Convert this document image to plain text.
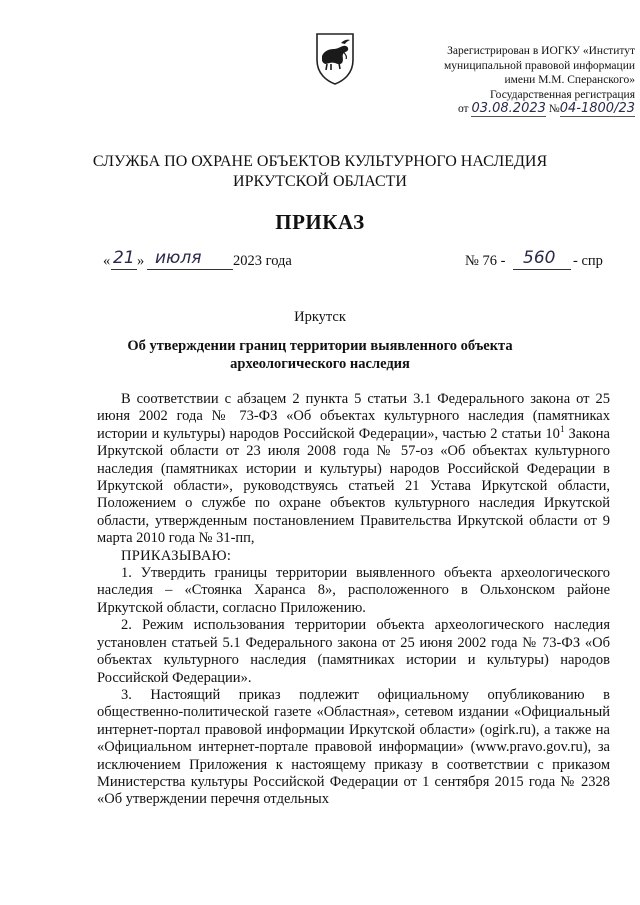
Зарегистрирован в ИОГКУ «Институт
муниципальной правовой информации
имени М.М. Сперанского»
Государственная регистрация
от 03.08.2023 №04-1800/23
СЛУЖБА ПО ОХРАНЕ ОБЪЕКТОВ КУЛЬТУРНОГО НАСЛЕДИЯ
ИРКУТСКОЙ ОБЛАСТИ
ПРИКАЗ
« 21 » июля 2023 года	№ 76 - 560 - спр
Иркутск
Об утверждении границ территории выявленного объекта
археологического наследия

В соответствии с абзацем 2 пункта 5 статьи 3.1 Федерального закона от 25 июня 2002 года № 73-ФЗ «Об объектах культурного наследия (памятниках истории и культуры) народов Российской Федерации», частью 2 статьи $10^1$ Закона Иркутской области от 23 июля 2008 года № 57-оз «Об объектах культурного наследия (памятниках истории и культуры) народов Российской Федерации в Иркутской области», руководствуясь статьей 21 Устава Иркутской области, Положением о службе по охране объектов культурного наследия Иркутской области, утвержденным постановлением Правительства Иркутской области от 9 марта 2010 года № 31-пп,

ПРИКАЗЫВАЮ:

1. Утвердить границы территории выявленного объекта археологического наследия – «Стоянка Харанса 8», расположенного в Ольхонском районе Иркутской области, согласно Приложению.

2. Режим использования территории объекта археологического наследия установлен статьей 5.1 Федерального закона от 25 июня 2002 года № 73-ФЗ «Об объектах культурного наследия (памятниках истории и культуры) народов Российской Федерации».

3. Настоящий приказ подлежит официальному опубликованию в общественно-политической газете «Областная», сетевом издании «Официальный интернет-портал правовой информации Иркутской области» (ogirk.ru), а также на «Официальном интернет-портале правовой информации» (www.pravo.gov.ru), за исключением Приложения к настоящему приказу в соответствии с приказом Министерства культуры Российской Федерации от 1 сентября 2015 года № 2328 «Об утверждении перечня отдельных
